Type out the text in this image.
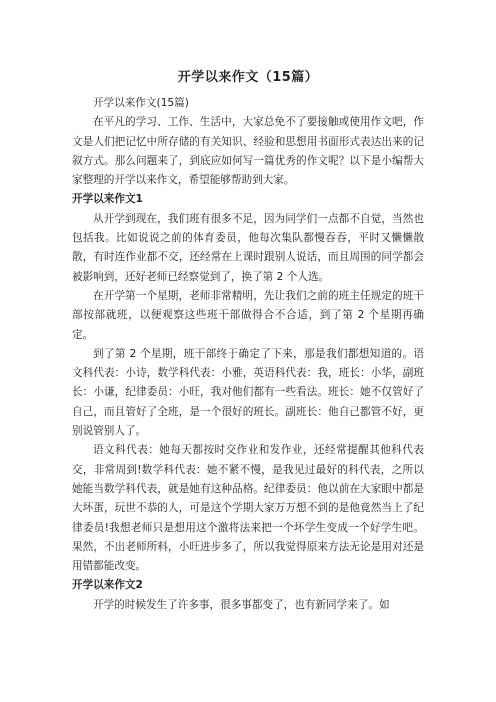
开学以来作文（15篇）

开学以来作文(15篇)

在平凡的学习、工作、生活中，大家总免不了要接触或使用作文吧，作文是人们把记忆中所存储的有关知识、经验和思想用书面形式表达出来的记叙方式。那么问题来了，到底应如何写一篇优秀的作文呢？以下是小编帮大家整理的开学以来作文，希望能够帮助到大家。

开学以来作文1

从开学到现在，我们班有很多不足，因为同学们一点都不自觉，当然也包括我。比如说说之前的体育委员，他每次集队都慢吞吞，平时又懒懒散散，有时连作业都不交，还经常在上课时跟别人说话，而且周围的同学都会被影响到，还好老师已经察觉到了，换了第 2 个人选。

在开学第一个星期，老师非常精明，先让我们之前的班主任规定的班干部按部就班，以便观察这些班干部做得合不合适，到了第 2 个星期再确定。

到了第 2 个星期，班干部终于确定了下来，那是我们都想知道的。语文科代表：小诗，数学科代表：小雅，英语科代表：我，班长：小华，副班长：小谦，纪律委员：小旺，我对他们都有一些看法。班长：她不仅管好了自己，而且管好了全班，是一个很好的班长。副班长：他自己都管不好，更别说管别人了。

语文科代表：她每天都按时交作业和发作业，还经常提醒其他科代表交，非常周到!数学科代表：她不紧不慢，是我见过最好的科代表，之所以她能当数学科代表，就是她有这种品格。纪律委员：他以前在大家眼中都是大坏蛋，玩世不恭的人，可是这个学期大家万万想不到的是他竟然当上了纪律委员!我想老师只是想用这个激将法来把一个坏学生变成一个好学生吧。果然，不出老师所料，小旺进步多了，所以我觉得原来方法无论是用对还是用错都能改变。

开学以来作文2

开学的时候发生了许多事，很多事都变了，也有新同学来了。如
